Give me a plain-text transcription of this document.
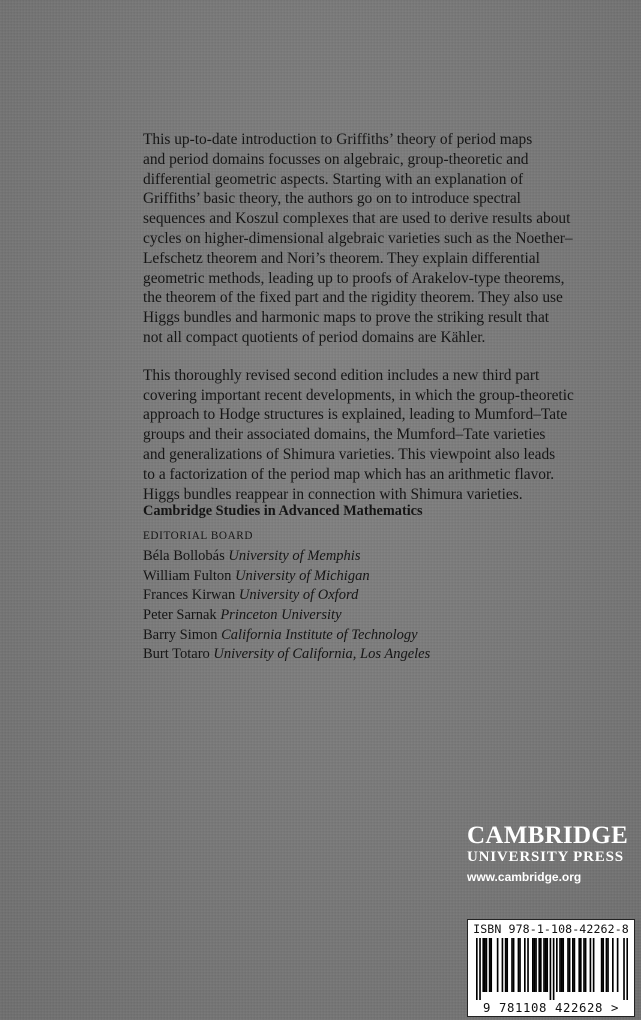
This up-to-date introduction to Griffiths’ theory of period maps
and period domains focusses on algebraic, group-theoretic and
differential geometric aspects. Starting with an explanation of
Griffiths’ basic theory, the authors go on to introduce spectral
sequences and Koszul complexes that are used to derive results about
cycles on higher-dimensional algebraic varieties such as the Noether–
Lefschetz theorem and Nori’s theorem. They explain differential
geometric methods, leading up to proofs of Arakelov-type theorems,
the theorem of the fixed part and the rigidity theorem. They also use
Higgs bundles and harmonic maps to prove the striking result that
not all compact quotients of period domains are Kähler.

This thoroughly revised second edition includes a new third part
covering important recent developments, in which the group-theoretic
approach to Hodge structures is explained, leading to Mumford–Tate
groups and their associated domains, the Mumford–Tate varieties
and generalizations of Shimura varieties. This viewpoint also leads
to a factorization of the period map which has an arithmetic flavor.
Higgs bundles reappear in connection with Shimura varieties.

Cambridge Studies in Advanced Mathematics
EDITORIAL BOARD
Béla Bollobás University of Memphis
William Fulton University of Michigan
Frances Kirwan University of Oxford
Peter Sarnak Princeton University
Barry Simon California Institute of Technology
Burt Totaro University of California, Los Angeles
CAMBRIDGE
UNIVERSITY PRESS
www.cambridge.org
ISBN 978-1-108-42262-8
9 781108 422628 >
